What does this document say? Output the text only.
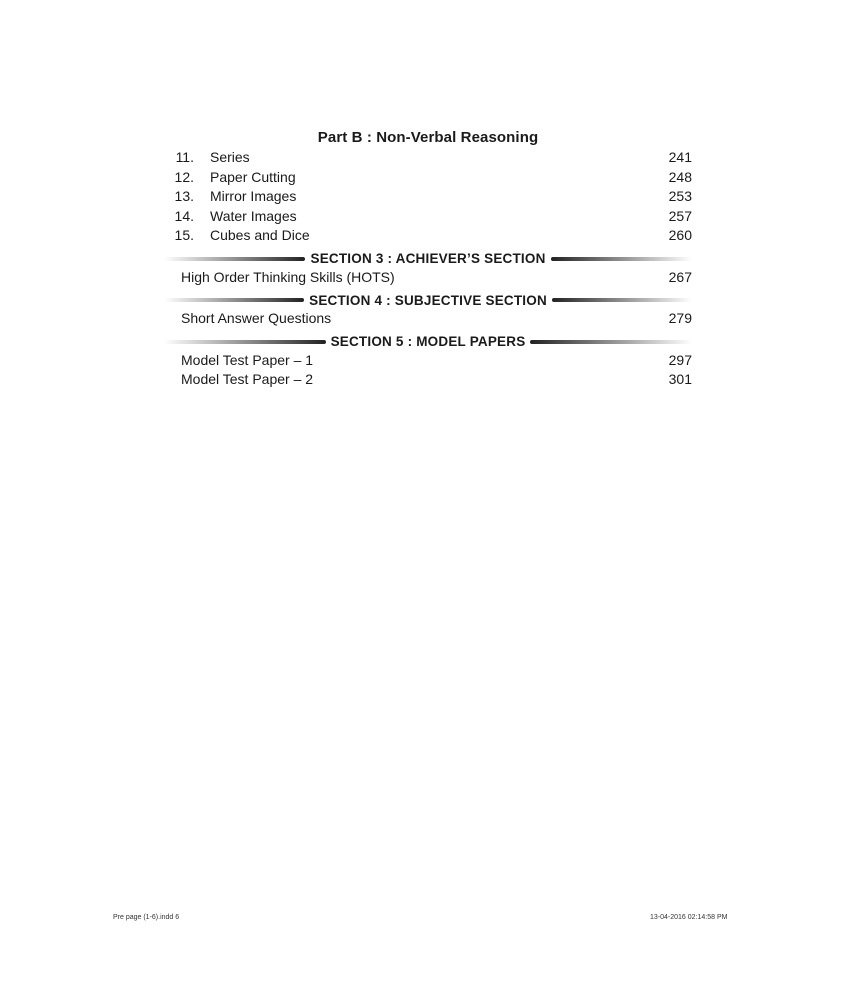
Part B : Non-Verbal Reasoning
11. Series	241
12. Paper Cutting	248
13. Mirror Images	253
14. Water Images	257
15. Cubes and Dice	260
SECTION 3 : ACHIEVER’S SECTION
High Order Thinking Skills (HOTS)	267
SECTION 4 : SUBJECTIVE SECTION
Short Answer Questions	279
SECTION 5 : MODEL PAPERS
Model Test Paper – 1	297
Model Test Paper – 2	301
Pre page (1-6).indd 6	13-04-2016 02:14:58 PM
